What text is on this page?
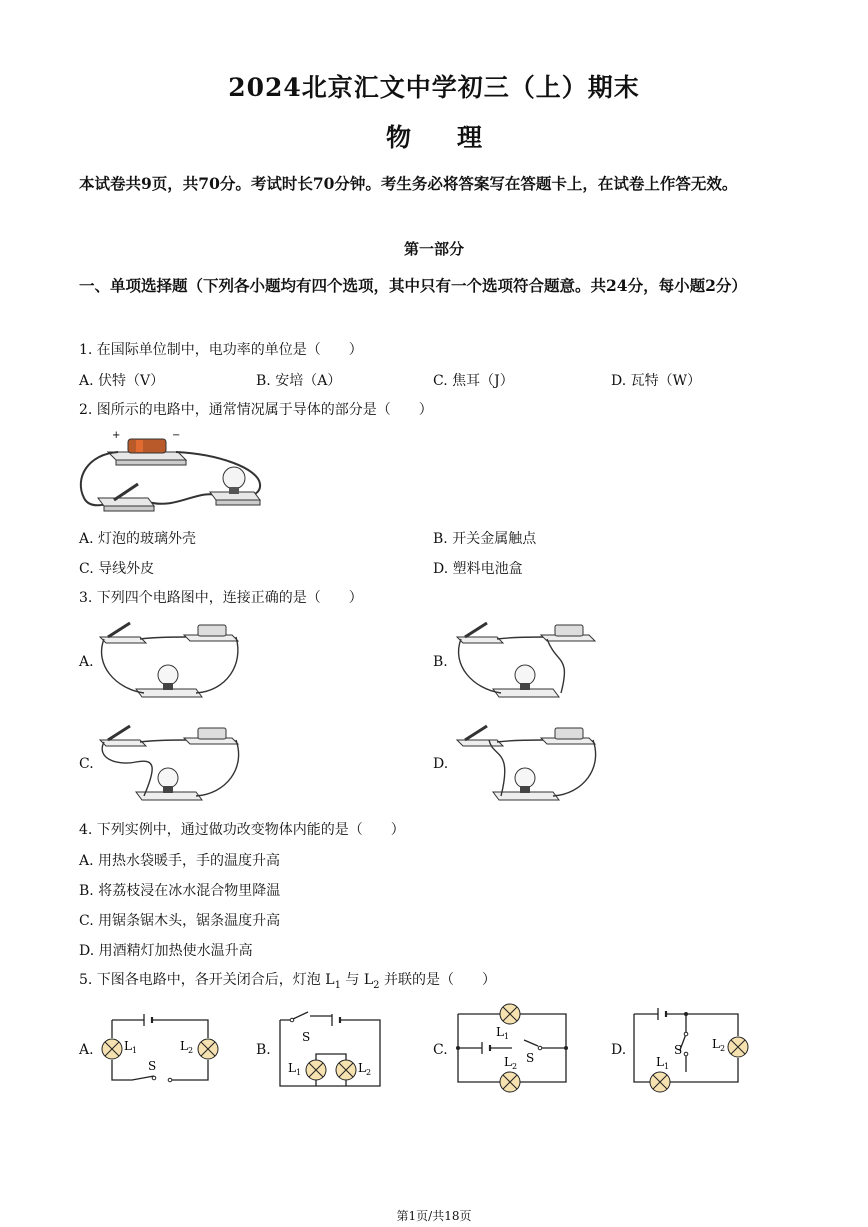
2024北京汇文中学初三（上）期末
物理
本试卷共9页，共70分。考试时长70分钟。考生务必将答案写在答题卡上，在试卷上作答无效。
第一部分
一、单项选择题（下列各小题均有四个选项，其中只有一个选项符合题意。共24分，每小题2分）
1. 在国际单位制中，电功率的单位是（　　）
A. 伏特（V）	B. 安培（A）	C. 焦耳（J）	D. 瓦特（W）
2. 图所示的电路中，通常情况属于导体的部分是（　　）
+	−
A. 灯泡的玻璃外壳	B. 开关金属触点
C. 导线外皮	D. 塑料电池盒
3. 下列四个电路图中，连接正确的是（　　）
A.	B.
C.	D.
4. 下列实例中，通过做功改变物体内能的是（　　）
A. 用热水袋暖手，手的温度升高
B. 将荔枝浸在冰水混合物里降温
C. 用锯条锯木头，锯条温度升高
D. 用酒精灯加热使水温升高
5. 下图各电路中，各开关闭合后，灯泡 $L_1$ 与 $L_2$ 并联的是（　　）
A.	B.	C.	D.
$L_1$	$L_2$
S
S
$L_1$	$L_2$
$L_1$
$L_2$
S
S
$L_1$
$L_2$
第1页/共18页
